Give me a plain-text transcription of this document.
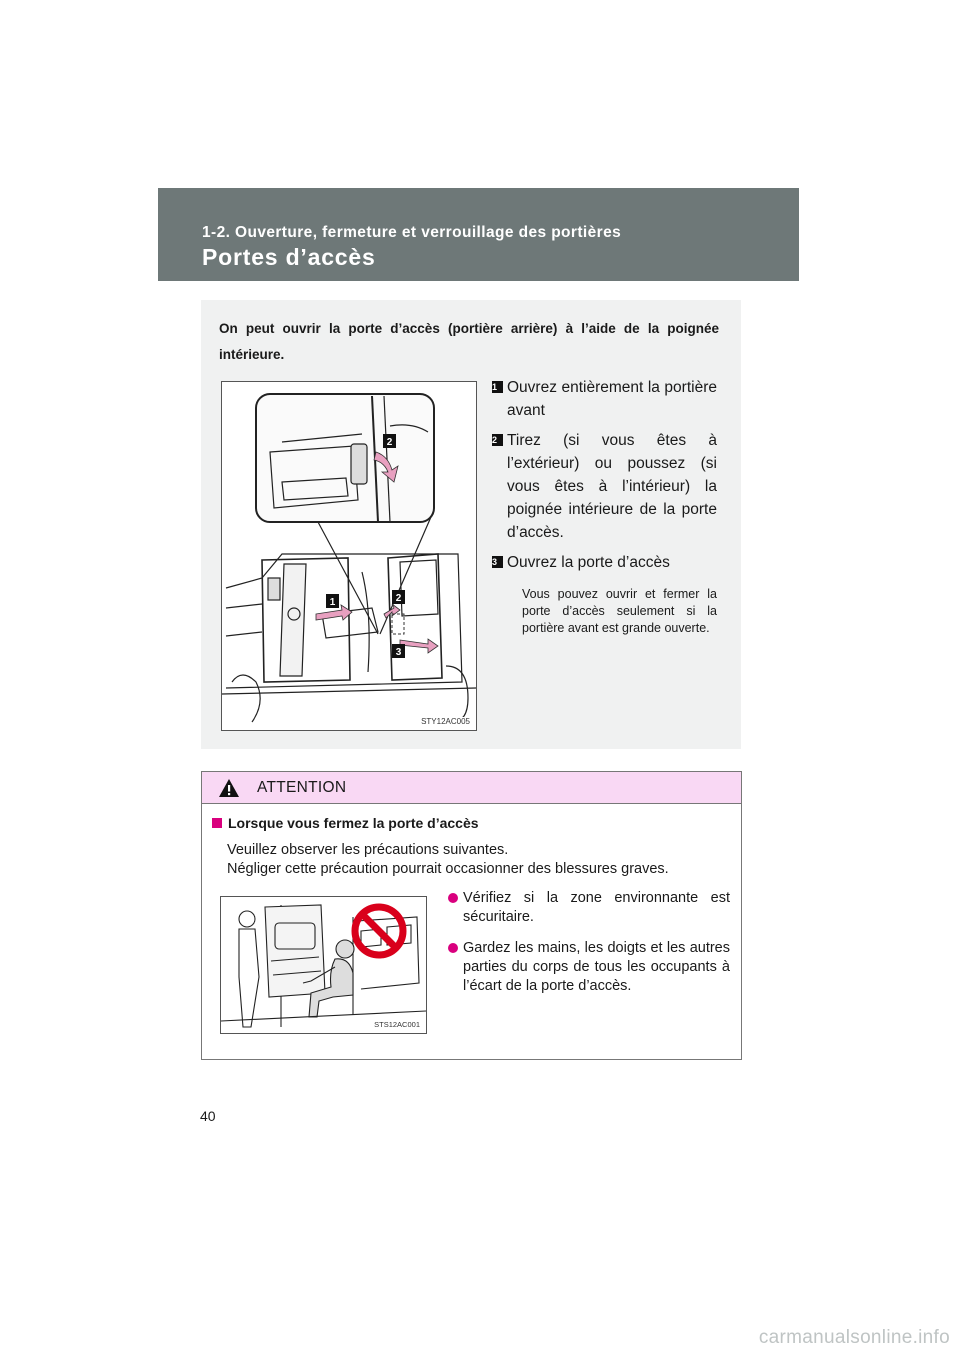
1-2. Ouverture, fermeture et verrouillage des portières
Portes d’accès

On peut ouvrir la porte d’accès (portière arrière) à l’aide de la poignée intérieure.

2
1	2
3
STY12AC005
1 Ouvrez entièrement la portière avant
2 Tirez (si vous êtes à l’extérieur) ou poussez (si vous êtes à l’intérieur) la poignée intérieure de la porte d’accès.
3 Ouvrez la porte d’accès

Vous pouvez ouvrir et fermer la porte d’accès seulement si la portière avant est grande ouverte.

ATTENTION
Lorsque vous fermez la porte d’accès

Veuillez observer les précautions suivantes.
Négliger cette précaution pourrait occasionner des blessures graves.

STS12AC001
Vérifiez si la zone environnante est sécuritaire.
Gardez les mains, les doigts et les autres parties du corps de tous les occupants à l’écart de la porte d’accès.
40
carmanualsonline.info
